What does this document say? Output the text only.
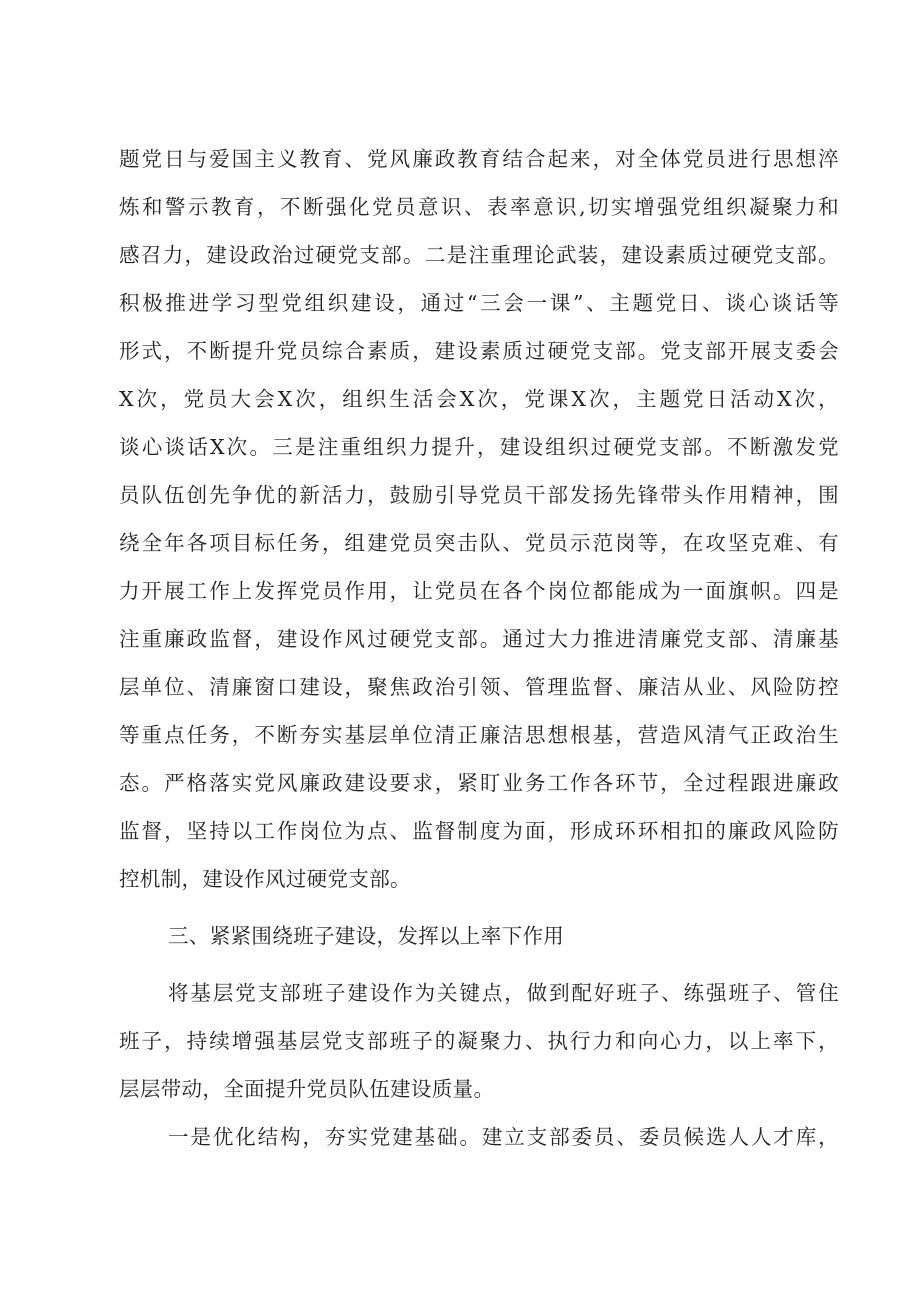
题党日与爱国主义教育、党风廉政教育结合起来，对全体党员进行思想淬
炼和警示教育，不断强化党员意识、表率意识,切实增强党组织凝聚力和
感召力，建设政治过硬党支部。二是注重理论武装，建设素质过硬党支部。
积极推进学习型党组织建设，通过“三会一课”、主题党日、谈心谈话等
形式，不断提升党员综合素质，建设素质过硬党支部。党支部开展支委会
X次，党员大会X次，组织生活会X次，党课X次，主题党日活动X次，
谈心谈话X次。三是注重组织力提升，建设组织过硬党支部。不断激发党
员队伍创先争优的新活力，鼓励引导党员干部发扬先锋带头作用精神，围
绕全年各项目标任务，组建党员突击队、党员示范岗等，在攻坚克难、有
力开展工作上发挥党员作用，让党员在各个岗位都能成为一面旗帜。四是
注重廉政监督，建设作风过硬党支部。通过大力推进清廉党支部、清廉基
层单位、清廉窗口建设，聚焦政治引领、管理监督、廉洁从业、风险防控
等重点任务，不断夯实基层单位清正廉洁思想根基，营造风清气正政治生
态。严格落实党风廉政建设要求，紧盯业务工作各环节，全过程跟进廉政
监督，坚持以工作岗位为点、监督制度为面，形成环环相扣的廉政风险防
控机制，建设作风过硬党支部。
三、紧紧围绕班子建设，发挥以上率下作用
将基层党支部班子建设作为关键点，做到配好班子、练强班子、管住
班子，持续增强基层党支部班子的凝聚力、执行力和向心力，以上率下，
层层带动，全面提升党员队伍建设质量。
一是优化结构，夯实党建基础。建立支部委员、委员候选人人才库，
